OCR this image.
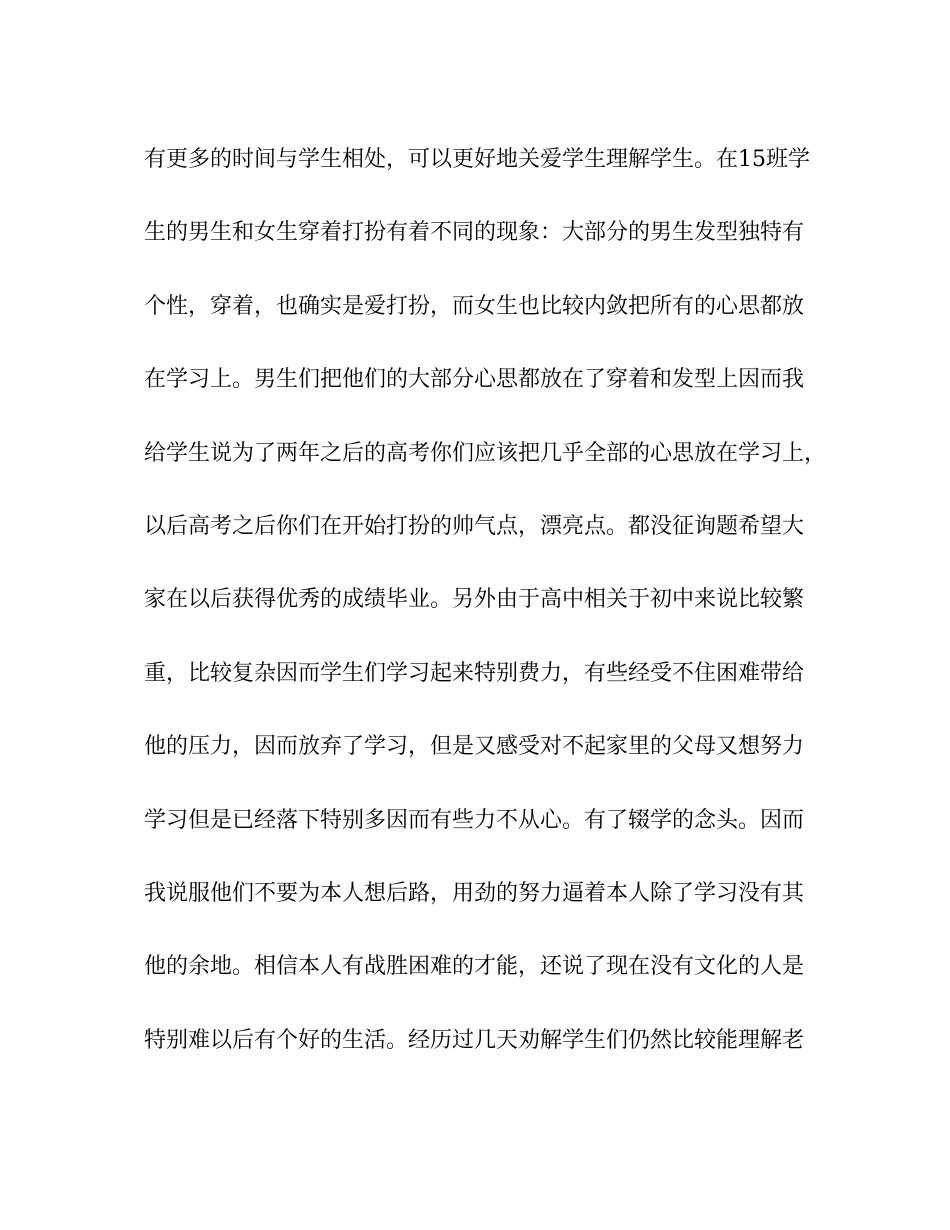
有更多的时间与学生相处，可以更好地关爱学生理解学生。在15班学
生的男生和女生穿着打扮有着不同的现象：大部分的男生发型独特有
个性，穿着，也确实是爱打扮，而女生也比较内敛把所有的心思都放
在学习上。男生们把他们的大部分心思都放在了穿着和发型上因而我
给学生说为了两年之后的高考你们应该把几乎全部的心思放在学习上，
以后高考之后你们在开始打扮的帅气点，漂亮点。都没征询题希望大
家在以后获得优秀的成绩毕业。另外由于高中相关于初中来说比较繁
重，比较复杂因而学生们学习起来特别费力，有些经受不住困难带给
他的压力，因而放弃了学习，但是又感受对不起家里的父母又想努力
学习但是已经落下特别多因而有些力不从心。有了辍学的念头。因而
我说服他们不要为本人想后路，用劲的努力逼着本人除了学习没有其
他的余地。相信本人有战胜困难的才能，还说了现在没有文化的人是
特别难以后有个好的生活。经历过几天劝解学生们仍然比较能理解老
